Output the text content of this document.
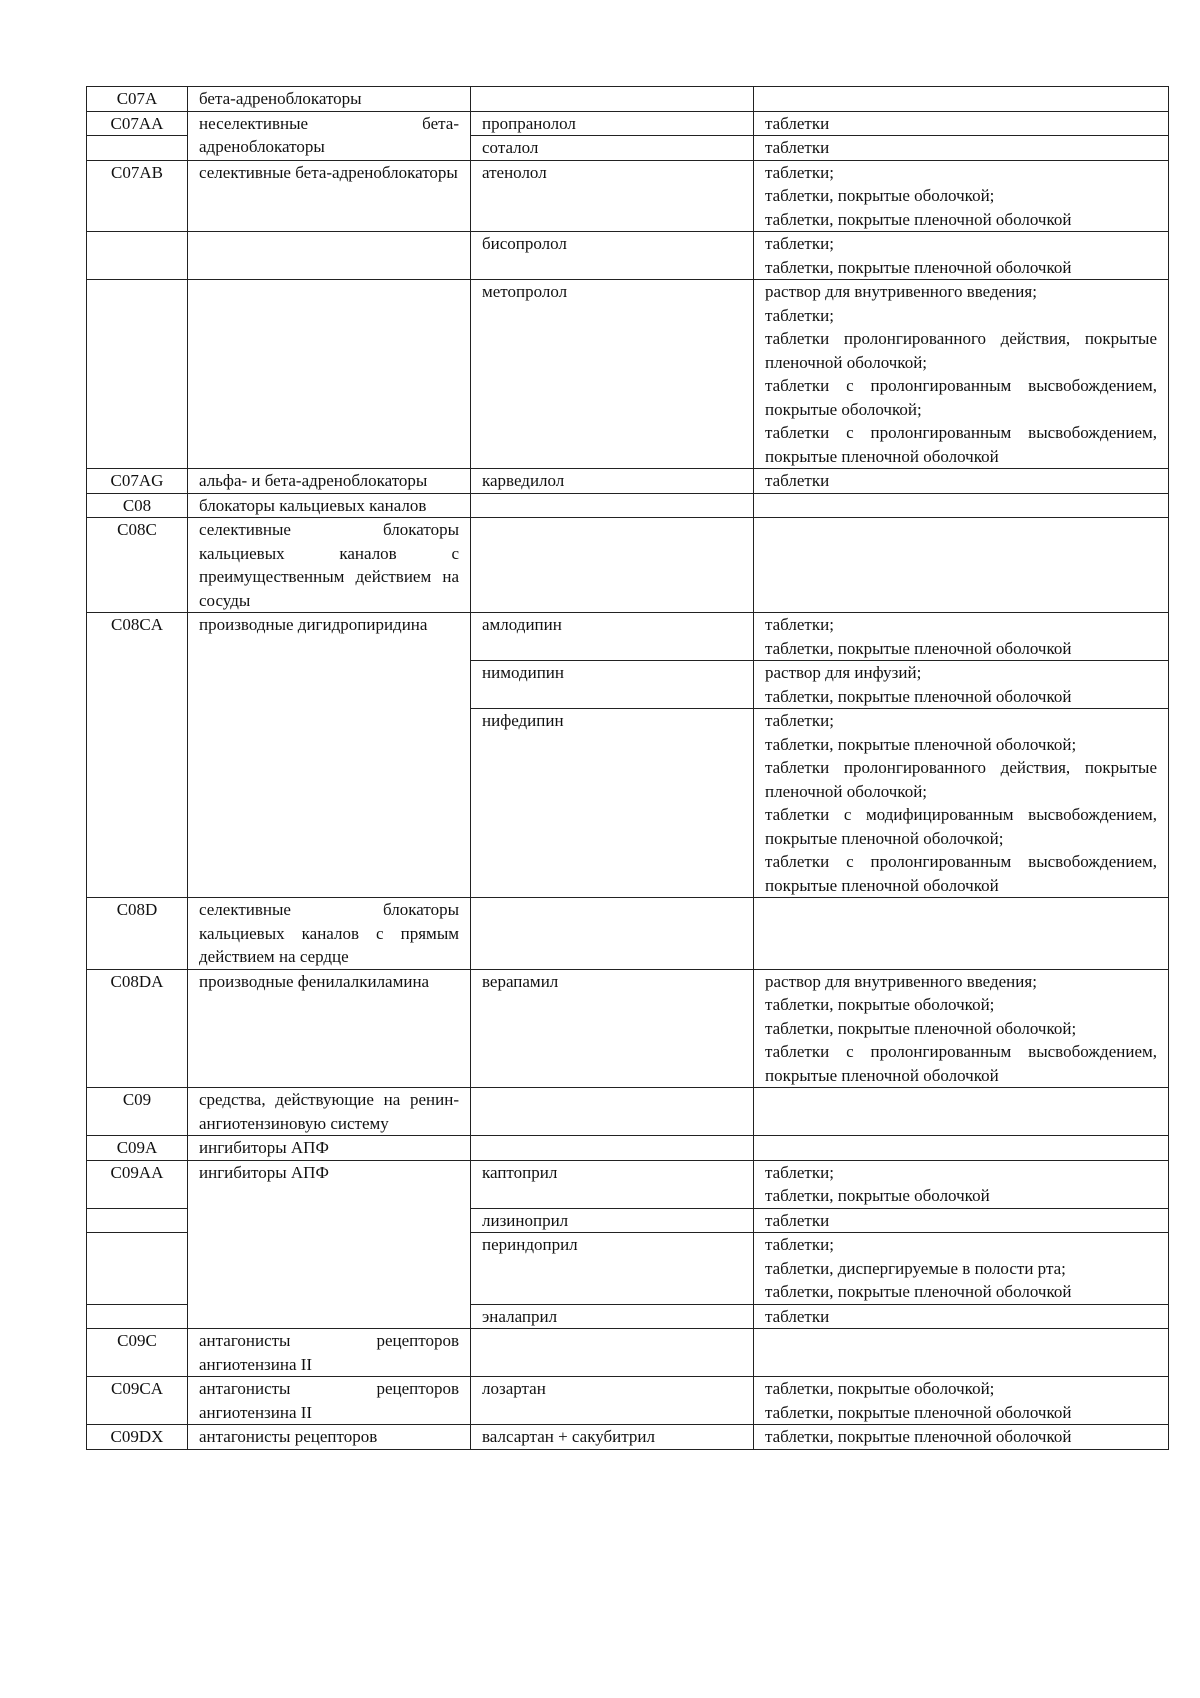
C07A	бета-адреноблокаторы		
C07AA	неселективные бета-адреноблокаторы	пропранолол	таблетки
		соталол	таблетки
C07AB	селективные бета-адреноблокаторы	атенолол	таблетки;
таблетки, покрытые оболочкой;
таблетки, покрытые пленочной оболочкой

		бисопролол	таблетки;
таблетки, покрытые пленочной оболочкой

		метопролол	раствор для внутривенного введения;
таблетки;
таблетки пролонгированного действия, покрытые пленочной оболочкой;
таблетки с пролонгированным высвобождением, покрытые оболочкой;
таблетки с пролонгированным высвобождением, покрытые пленочной оболочкой

C07AG	альфа- и бета-адреноблокаторы	карведилол	таблетки
C08	блокаторы кальциевых каналов		
C08C	селективные блокаторы кальциевых каналов с преимущественным действием на сосуды		
C08CA	производные дигидропиридина	амлодипин	таблетки;
таблетки, покрытые пленочной оболочкой

		нимодипин	раствор для инфузий;
таблетки, покрытые пленочной оболочкой

		нифедипин	таблетки;
таблетки, покрытые пленочной оболочкой;
таблетки пролонгированного действия, покрытые пленочной оболочкой;
таблетки с модифицированным высвобождением, покрытые пленочной оболочкой;
таблетки с пролонгированным высвобождением, покрытые пленочной оболочкой

C08D	селективные блокаторы кальциевых каналов с прямым действием на сердце		
C08DA	производные фенилалкиламина	верапамил	раствор для внутривенного введения;
таблетки, покрытые оболочкой;
таблетки, покрытые пленочной оболочкой;
таблетки с пролонгированным высвобождением, покрытые пленочной оболочкой

C09	средства, действующие на ренин-ангиотензиновую систему		
C09A	ингибиторы АПФ		
C09AA	ингибиторы АПФ	каптоприл	таблетки;
таблетки, покрытые оболочкой

		лизиноприл	таблетки
		периндоприл	таблетки;
таблетки, диспергируемые в полости рта;
таблетки, покрытые пленочной оболочкой

		эналаприл	таблетки
C09C	антагонисты рецепторов ангиотензина II		
C09CA	антагонисты рецепторов ангиотензина II	лозартан	таблетки, покрытые оболочкой;
таблетки, покрытые пленочной оболочкой

C09DX	антагонисты рецепторов	валсартан + сакубитрил	таблетки, покрытые пленочной оболочкой
